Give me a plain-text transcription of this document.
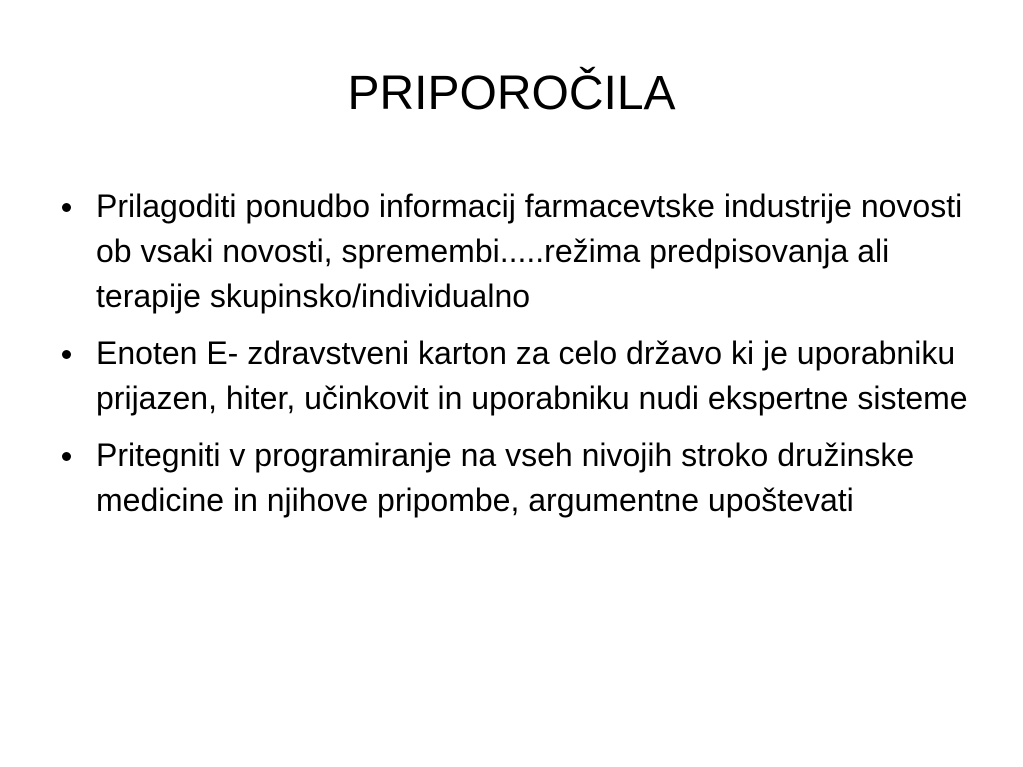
PRIPOROČILA
Prilagoditi ponudbo informacij farmacevtske industrije novosti ob vsaki novosti, spremembi.....režima predpisovanja ali terapije skupinsko/individualno
Enoten E- zdravstveni karton za celo državo ki je uporabniku prijazen, hiter, učinkovit in uporabniku nudi ekspertne sisteme
Pritegniti v programiranje na vseh nivojih stroko družinske medicine in njihove pripombe, argumentne upoštevati
